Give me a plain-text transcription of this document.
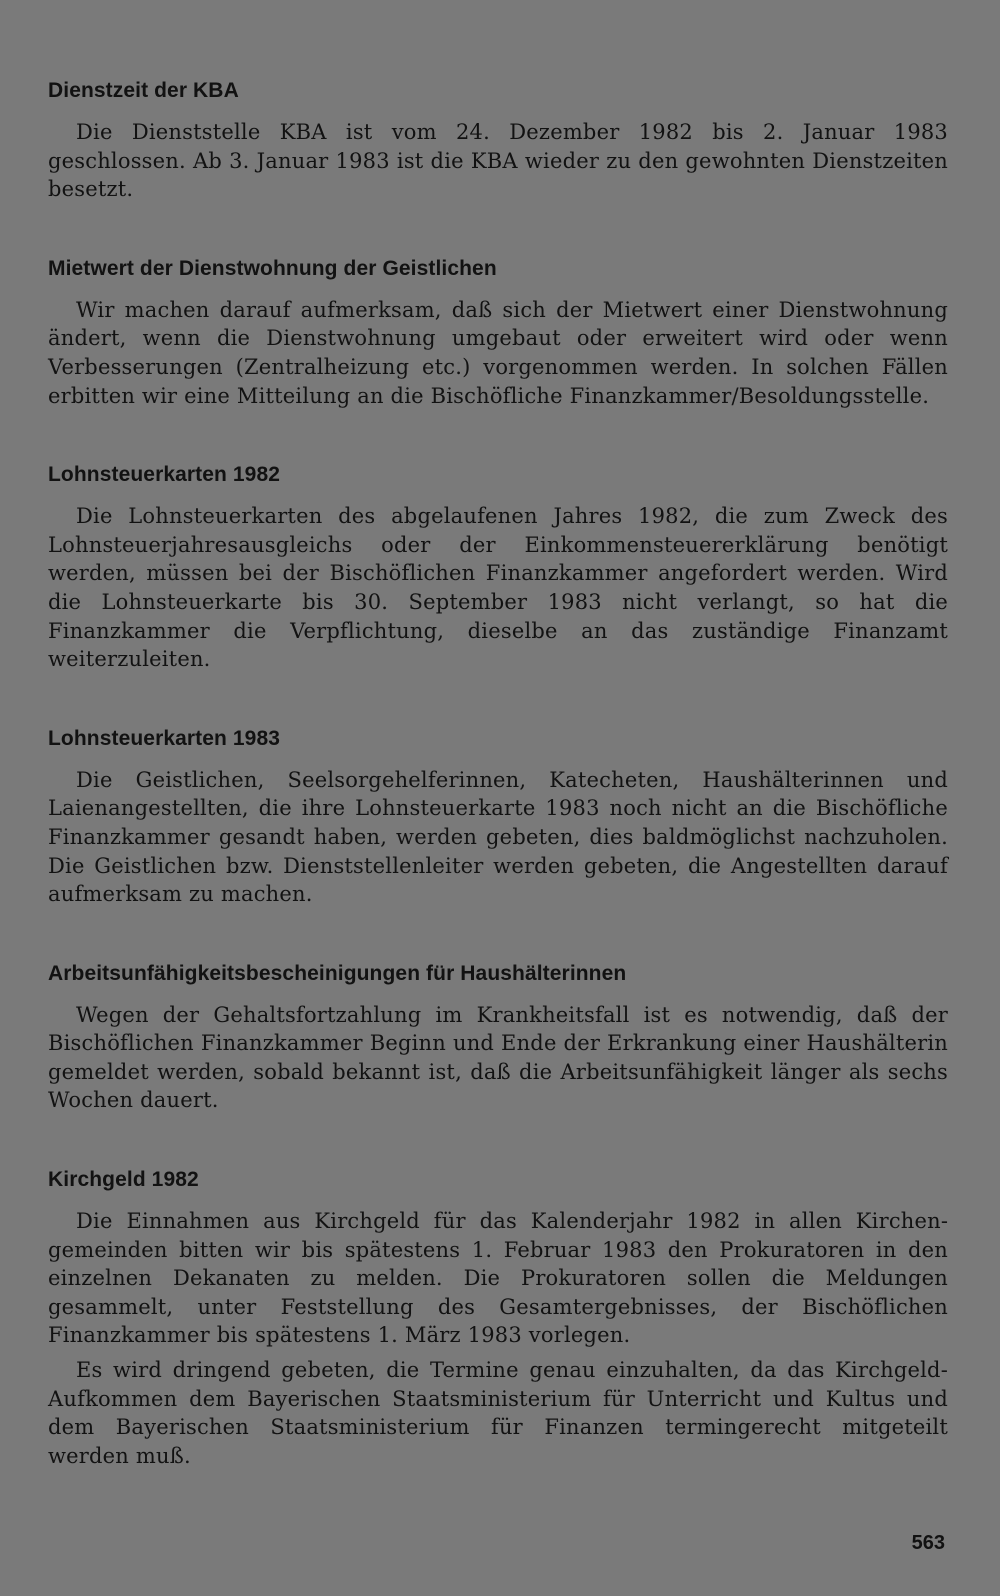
Dienstzeit der KBA

Die Dienststelle KBA ist vom 24. Dezember 1982 bis 2. Januar 1983 geschlossen. Ab 3. Januar 1983 ist die KBA wieder zu den gewohnten Dienstzeiten besetzt.

Mietwert der Dienstwohnung der Geistlichen

Wir machen darauf aufmerksam, daß sich der Mietwert einer Dienstwohnung ändert, wenn die Dienstwohnung umgebaut oder erweitert wird oder wenn Verbesserungen (Zentralheizung etc.) vorgenommen werden. In solchen Fällen erbitten wir eine Mitteilung an die Bischöfliche Finanzkammer/Besoldungsstelle.

Lohnsteuerkarten 1982

Die Lohnsteuerkarten des abgelaufenen Jahres 1982, die zum Zweck des Lohnsteuerjahresausgleichs oder der Einkommensteuererklärung benötigt werden, müssen bei der Bischöflichen Finanzkammer angefordert werden. Wird die Lohnsteuerkarte bis 30. September 1983 nicht verlangt, so hat die Finanzkammer die Verpflichtung, dieselbe an das zuständige Finanzamt weiterzuleiten.

Lohnsteuerkarten 1983

Die Geistlichen, Seelsorgehelferinnen, Katecheten, Haushälterinnen und Laienangestellten, die ihre Lohnsteuerkarte 1983 noch nicht an die Bischöfliche Finanzkammer gesandt haben, werden gebeten, dies baldmöglichst nachzuholen. Die Geistlichen bzw. Dienststellenleiter werden gebeten, die Angestellten darauf aufmerksam zu machen.

Arbeitsunfähigkeitsbescheinigungen für Haushälterinnen

Wegen der Gehaltsfortzahlung im Krankheitsfall ist es notwendig, daß der Bischöflichen Finanzkammer Beginn und Ende der Erkrankung einer Haushälterin gemeldet werden, sobald bekannt ist, daß die Arbeitsunfähigkeit länger als sechs Wochen dauert.

Kirchgeld 1982

Die Einnahmen aus Kirchgeld für das Kalenderjahr 1982 in allen Kirchengemeinden bitten wir bis spätestens 1. Februar 1983 den Prokuratoren in den einzelnen Dekanaten zu melden. Die Prokuratoren sollen die Meldungen gesammelt, unter Feststellung des Gesamtergebnisses, der Bischöflichen Finanzkammer bis spätestens 1. März 1983 vorlegen.

Es wird dringend gebeten, die Termine genau einzuhalten, da das Kirchgeld-Aufkommen dem Bayerischen Staatsministerium für Unterricht und Kultus und dem Bayerischen Staatsministerium für Finanzen termingerecht mitgeteilt werden muß.

563
